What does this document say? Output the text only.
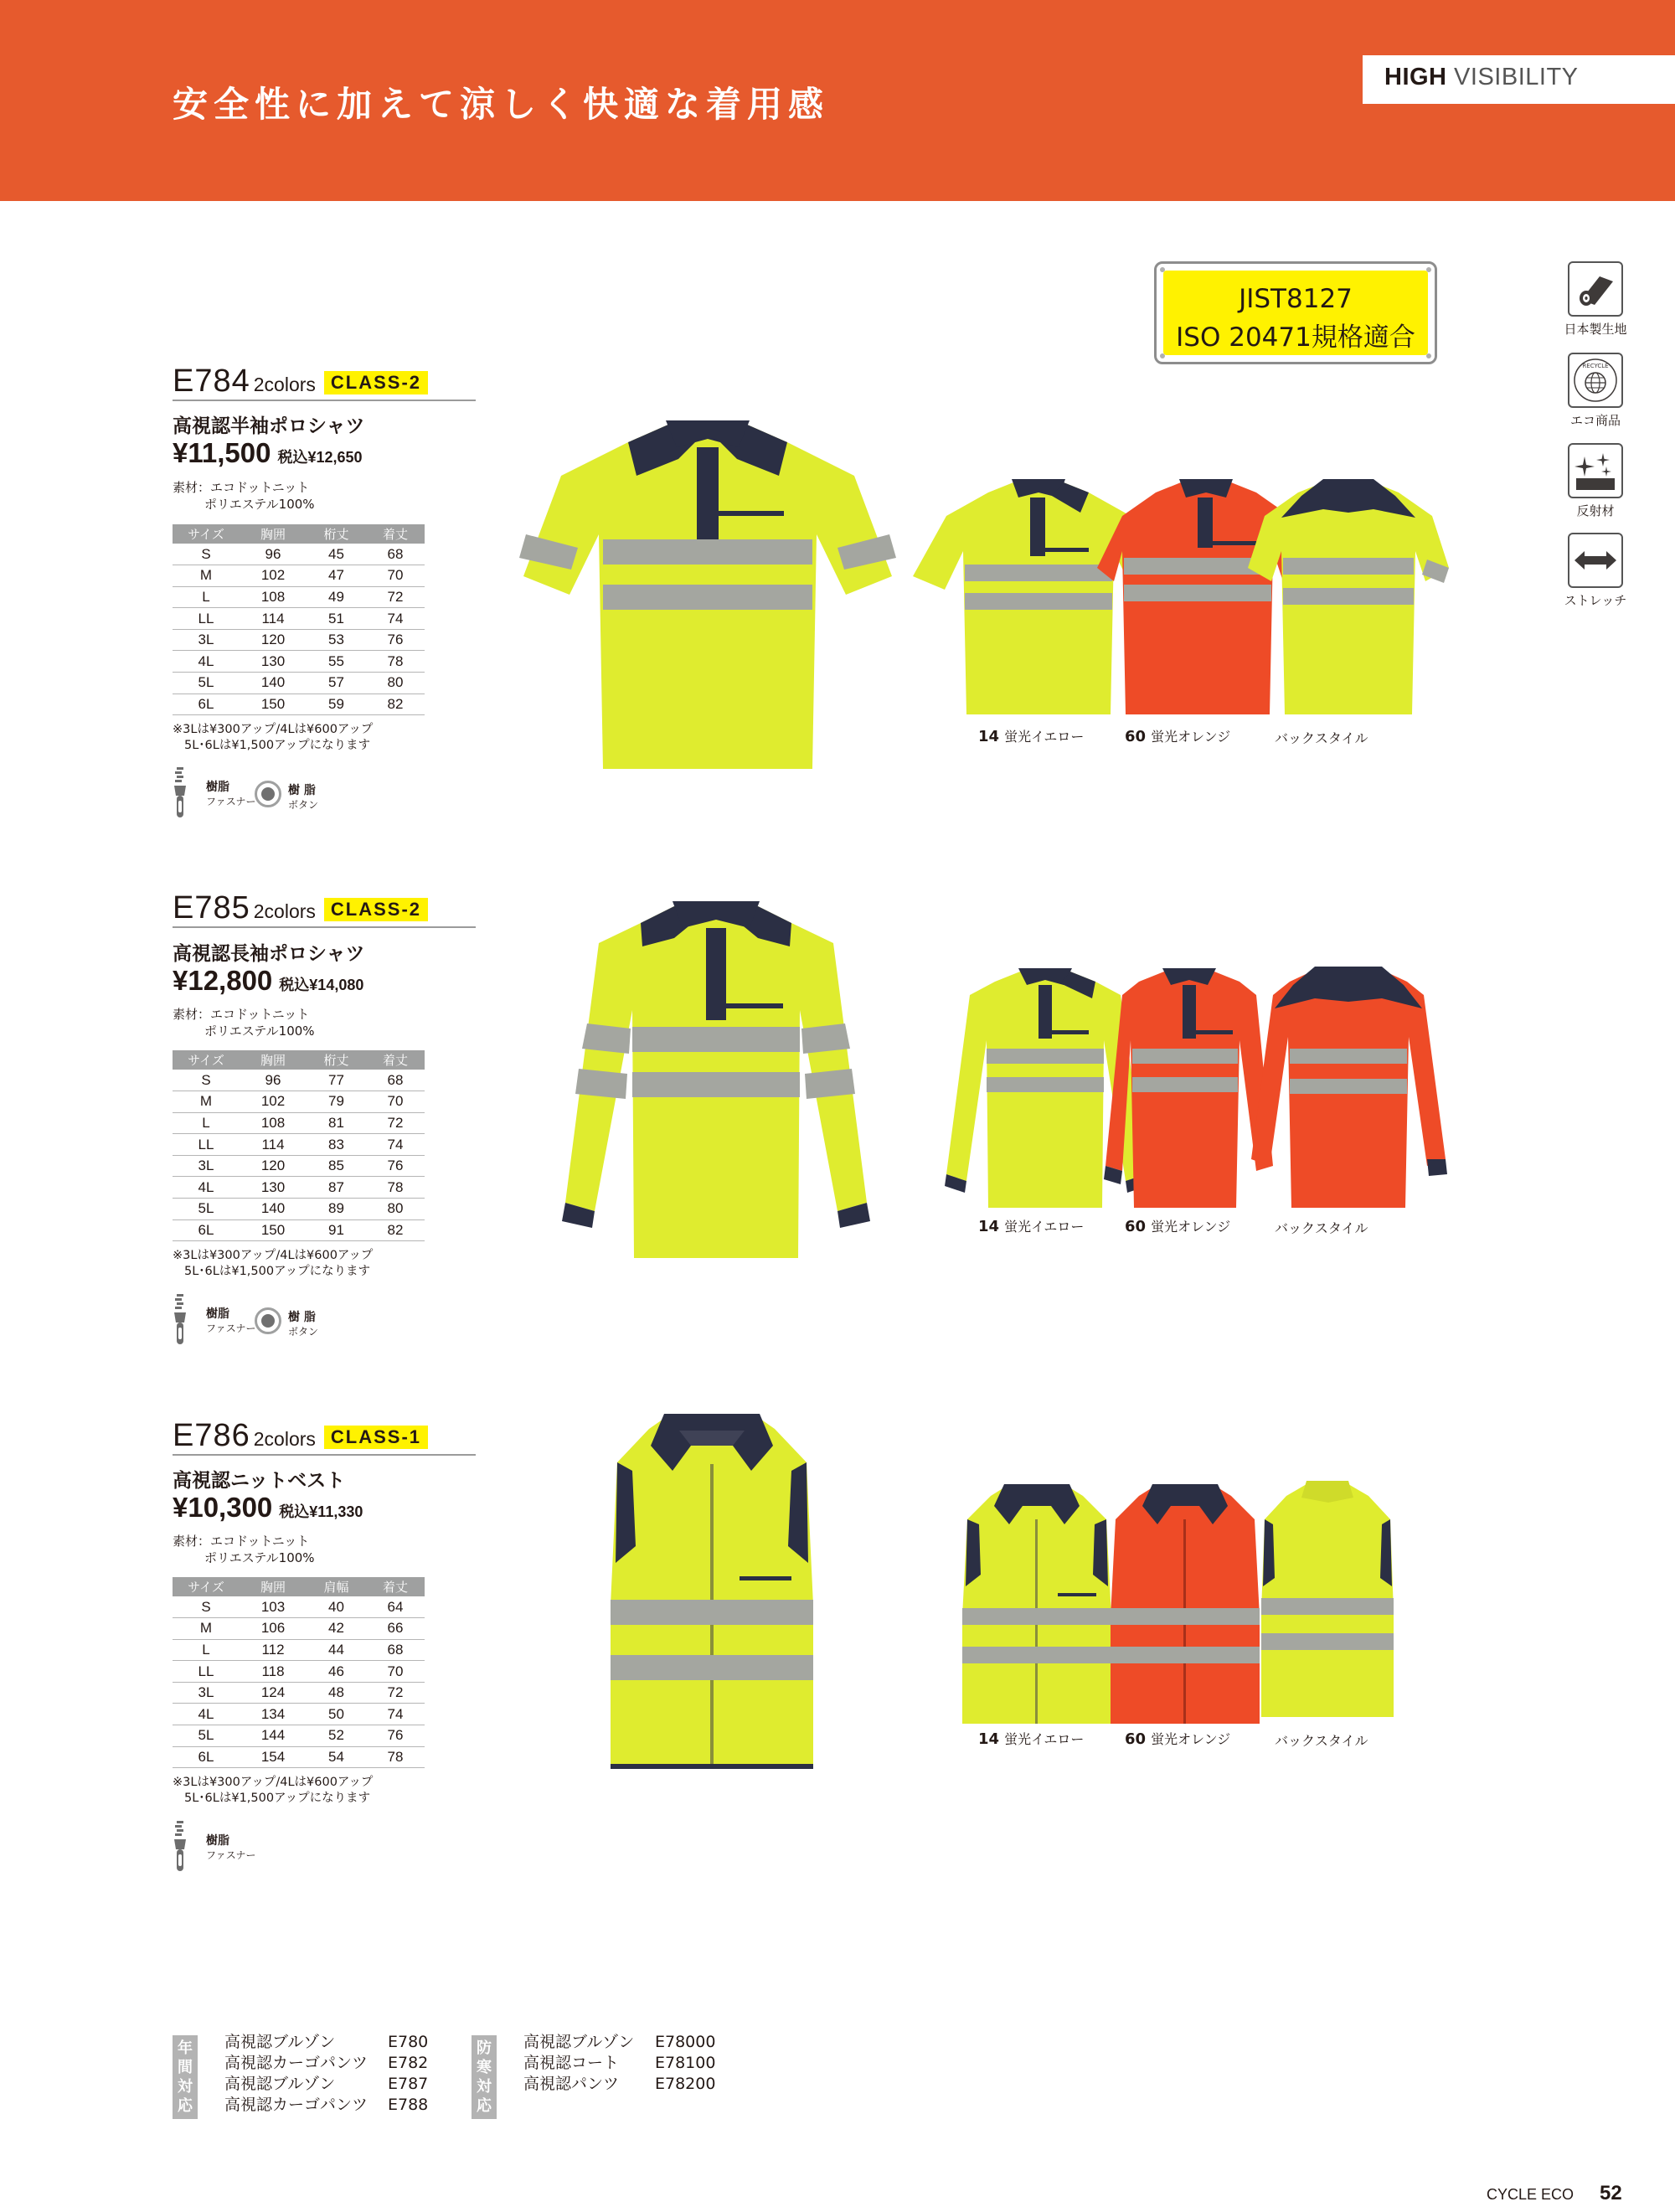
安全性に加えて涼しく快適な着用感
HIGH VISIBILITY
JIST8127
ISO 20471規格適合	日本製生地
RECYCLE
エコ商品
反射材
ストレッチ
E784 2colors CLASS-2
高視認半袖ポロシャツ
¥11,500 税込¥12,650
素材：エコドットニット
ポリエステル100%
サイズ	胸囲	桁丈	着丈
S	96	45	68
M	102	47	70
L	108	49	72
LL	114	51	74
3L	120	53	76
4L	130	55	78
5L	140	57	80
6L	150	59	82
※3Lは¥300アップ/4Lは¥600アップ
5L･6Lは¥1,500アップになります
樹脂
ファスナー
樹 脂
ボタン
14 蛍光イエロー	60 蛍光オレンジ	バックスタイル
E785 2colors CLASS-2
高視認長袖ポロシャツ
¥12,800 税込¥14,080
素材：エコドットニット
ポリエステル100%
サイズ	胸囲	桁丈	着丈
S	96	77	68
M	102	79	70
L	108	81	72
LL	114	83	74
3L	120	85	76
4L	130	87	78
5L	140	89	80
6L	150	91	82
※3Lは¥300アップ/4Lは¥600アップ
5L･6Lは¥1,500アップになります
樹脂
ファスナー
樹 脂
ボタン
14 蛍光イエロー	60 蛍光オレンジ	バックスタイル
E786 2colors CLASS-1
高視認ニットベスト
¥10,300 税込¥11,330
素材：エコドットニット
ポリエステル100%
サイズ	胸囲	肩幅	着丈
S	103	40	64
M	106	42	66
L	112	44	68
LL	118	46	70
3L	124	48	72
4L	134	50	74
5L	144	52	76
6L	154	54	78
※3Lは¥300アップ/4Lは¥600アップ
5L･6Lは¥1,500アップになります
樹脂
ファスナー
14 蛍光イエロー	60 蛍光オレンジ	バックスタイル
年
間
対
応
高視認ブルゾン	E780
高視認カーゴパンツ E782
高視認ブルゾン	E787
高視認カーゴパンツ E788
防
寒
対
応
高視認ブルゾン E78000
高視認コート E78100
高視認パンツ E78200
CYCLE ECO 52
